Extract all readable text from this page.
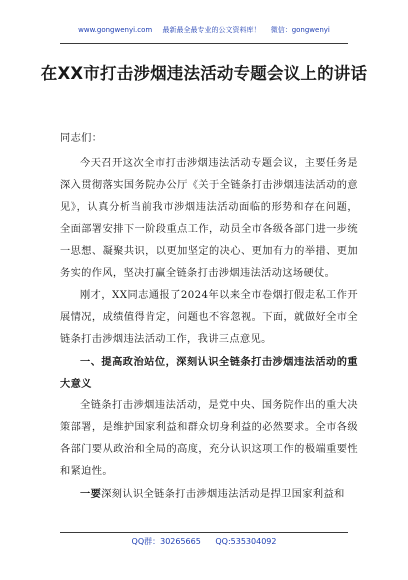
www.gongwenyi.com 最新最全最专业的公文资料库！ 微信：gongwenyi
在XX市打击涉烟违法活动专题会议上的讲话

同志们：

今天召开这次全市打击涉烟违法活动专题会议，主要任务是深入贯彻落实国务院办公厅《关于全链条打击涉烟违法活动的意见》，认真分析当前我市涉烟违法活动面临的形势和存在问题，全面部署安排下一阶段重点工作，动员全市各级各部门进一步统一思想、凝聚共识，以更加坚定的决心、更加有力的举措、更加务实的作风，坚决打赢全链条打击涉烟违法活动这场硬仗。

刚才，XX同志通报了2024年以来全市卷烟打假走私工作开展情况，成绩值得肯定，问题也不容忽视。下面，就做好全市全链条打击涉烟违法活动工作，我讲三点意见。

一、提高政治站位，深刻认识全链条打击涉烟违法活动的重大意义

全链条打击涉烟违法活动，是党中央、国务院作出的重大决策部署，是维护国家利益和群众切身利益的必然要求。全市各级各部门要从政治和全局的高度，充分认识这项工作的极端重要性和紧迫性。

一要深刻认识全链条打击涉烟违法活动是捍卫国家利益和

QQ群：30265665 QQ:535304092
